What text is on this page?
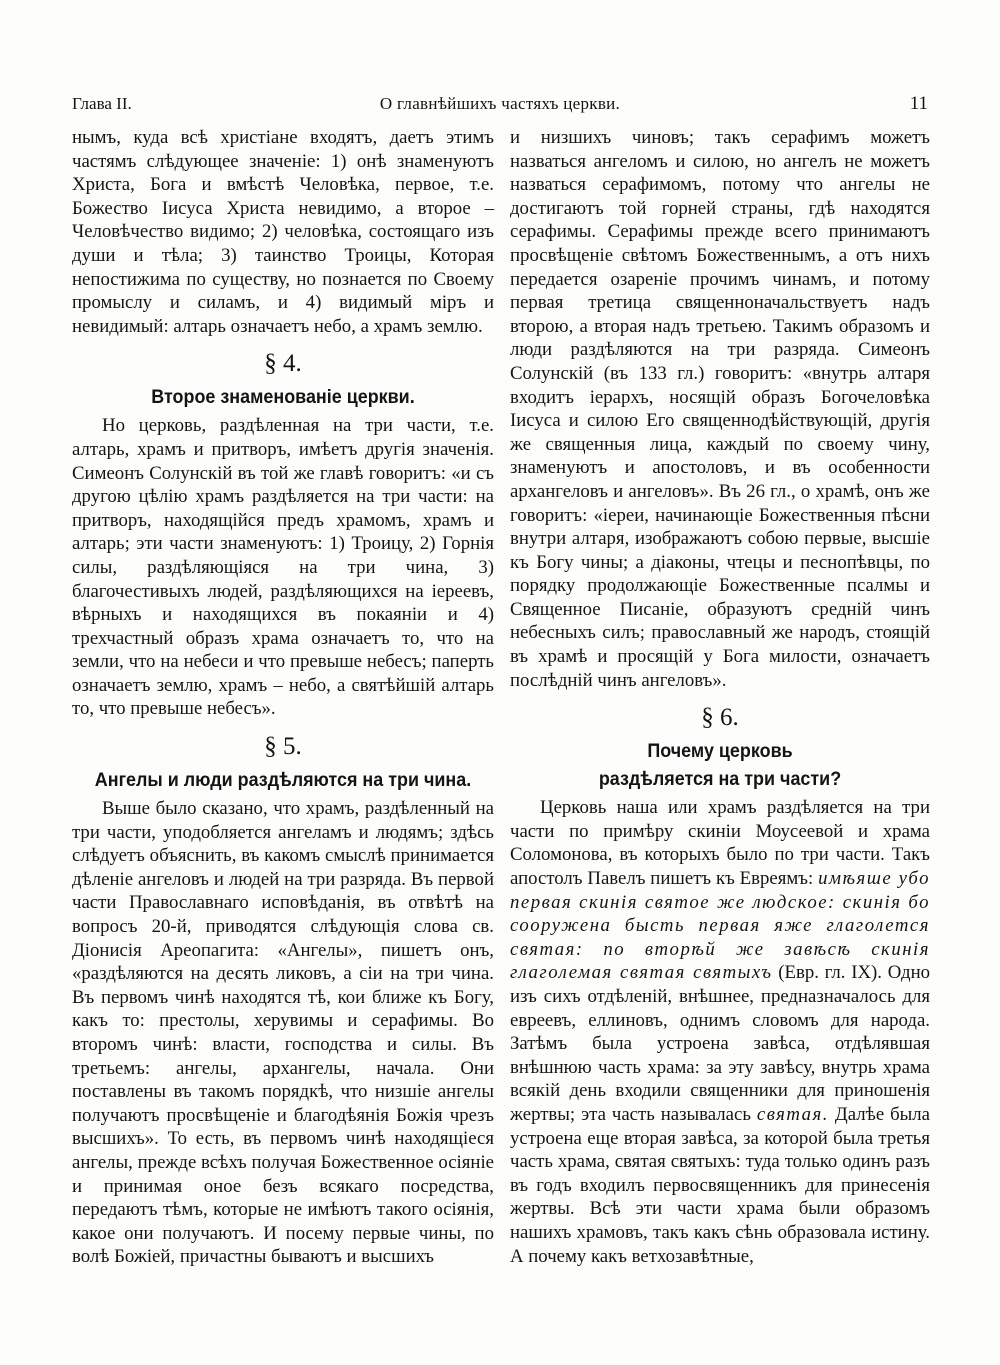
О главнѣйшихъ частяхъ церкви.
Глава II.	11

нымъ, куда всѣ христіане входятъ, даетъ этимъ частямъ слѣдующее значеніе: 1) онѣ знаменуютъ Христа, Бога и вмѣстѣ Человѣка, первое, т.е. Божество Іисуса Христа невидимо, а второе – Человѣчество видимо; 2) человѣка, состоящаго изъ души и тѣла; 3) таинство Троицы, Которая непостижима по существу, но познается по Своему промыслу и силамъ, и 4) видимый міръ и невидимый: алтарь означаетъ небо, а храмъ землю.

§ 4.
Второе знаменованіе церкви.

Но церковь, раздѣленная на три части, т.е. алтарь, храмъ и притворъ, имѣетъ другія значенія. Симеонъ Солунскій въ той же главѣ говоритъ: «и съ другою цѣлію храмъ раздѣляется на три части: на притворъ, находящійся предъ храмомъ, храмъ и алтарь; эти части знаменуютъ: 1) Троицу, 2) Горнія силы, раздѣляющіяся на три чина, 3) благочестивыхъ людей, раздѣляющихся на іереевъ, вѣрныхъ и находящихся въ покаяніи и 4) трехчастный образъ храма означаетъ то, что на земли, что на небеси и что превыше небесъ; паперть означаетъ землю, храмъ – небо, а святѣйшій алтарь то, что превыше небесъ».

§ 5.
Ангелы и люди раздѣляются на три чина.

Выше было сказано, что храмъ, раздѣленный на три части, уподобляется ангеламъ и людямъ; здѣсь слѣдуетъ объяснить, въ какомъ смыслѣ принимается дѣленіе ангеловъ и людей на три разряда. Въ первой части Православнаго исповѣданія, въ отвѣтѣ на вопросъ 20-й, приводятся слѣдующія слова св. Діонисія Ареопагита: «Ангелы», пишетъ онъ, «раздѣляются на десять ликовъ, а сіи на три чина. Въ первомъ чинѣ находятся тѣ, кои ближе къ Богу, какъ то: престолы, херувимы и серафимы. Во второмъ чинѣ: власти, господства и силы. Въ третьемъ: ангелы, архангелы, начала. Они поставлены въ такомъ порядкѣ, что низшіе ангелы получаютъ просвѣщеніе и благодѣянія Божія чрезъ высшихъ». То есть, въ первомъ чинѣ находящіеся ангелы, прежде всѣхъ получая Божественное осіяніе и принимая оное безъ всякаго посредства, передаютъ тѣмъ, которые не имѣютъ такого осіянія, какое они получаютъ. И посему первые чины, по волѣ Божіей, причастны бываютъ и высшихъ

и низшихъ чиновъ; такъ серафимъ можетъ назваться ангеломъ и силою, но ангелъ не можетъ назваться серафимомъ, потому что ангелы не достигаютъ той горней страны, гдѣ находятся серафимы. Серафимы прежде всего принимаютъ просвѣщеніе свѣтомъ Божественнымъ, а отъ нихъ передается озареніе прочимъ чинамъ, и потому первая третица священноначальствуетъ надъ второю, а вторая надъ третьею. Такимъ образомъ и люди раздѣляются на три разряда. Симеонъ Солунскій (въ 133 гл.) говоритъ: «внутрь алтаря входитъ іерархъ, носящій образъ Богочеловѣка Іисуса и силою Его священнодѣйствующій, другія же священныя лица, каждый по своему чину, знаменуютъ и апостоловъ, и въ особенности архангеловъ и ангеловъ». Въ 26 гл., о храмѣ, онъ же говоритъ: «іереи, начинающіе Божественныя пѣсни внутри алтаря, изображаютъ собою первые, высшіе къ Богу чины; а діаконы, чтецы и песнопѣвцы, по порядку продолжающіе Божественные псалмы и Священное Писаніе, образуютъ средній чинъ небесныхъ силъ; православный же народъ, стоящій въ храмѣ и просящій у Бога милости, означаетъ послѣдній чинъ ангеловъ».

§ 6.
Почему церковь
раздѣляется на три части?

Церковь наша или храмъ раздѣляется на три части по примѣру скиніи Моусеевой и храма Соломонова, въ которыхъ было по три части. Такъ апостолъ Павелъ пишетъ къ Евреямъ: имѣяше убо первая скинія святое же людское: скинія бо сооружена бысть первая яже глаголется святая: по вторѣй же завѣсѣ скинія глаголемая святая святыхъ (Евр. гл. IX). Одно изъ сихъ отдѣленій, внѣшнее, предназначалось для евреевъ, еллиновъ, однимъ словомъ для народа. Затѣмъ была устроена завѣса, отдѣлявшая внѣшнюю часть храма: за эту завѣсу, внутрь храма всякій день входили священники для приношенія жертвы; эта часть называлась святая. Далѣе была устроена еще вторая завѣса, за которой была третья часть храма, святая святыхъ: туда только одинъ разъ въ годъ входилъ первосвященникъ для принесенія жертвы. Всѣ эти части храма были образомъ нашихъ храмовъ, такъ какъ сѣнь образовала истину. А почему какъ ветхозавѣтные,
